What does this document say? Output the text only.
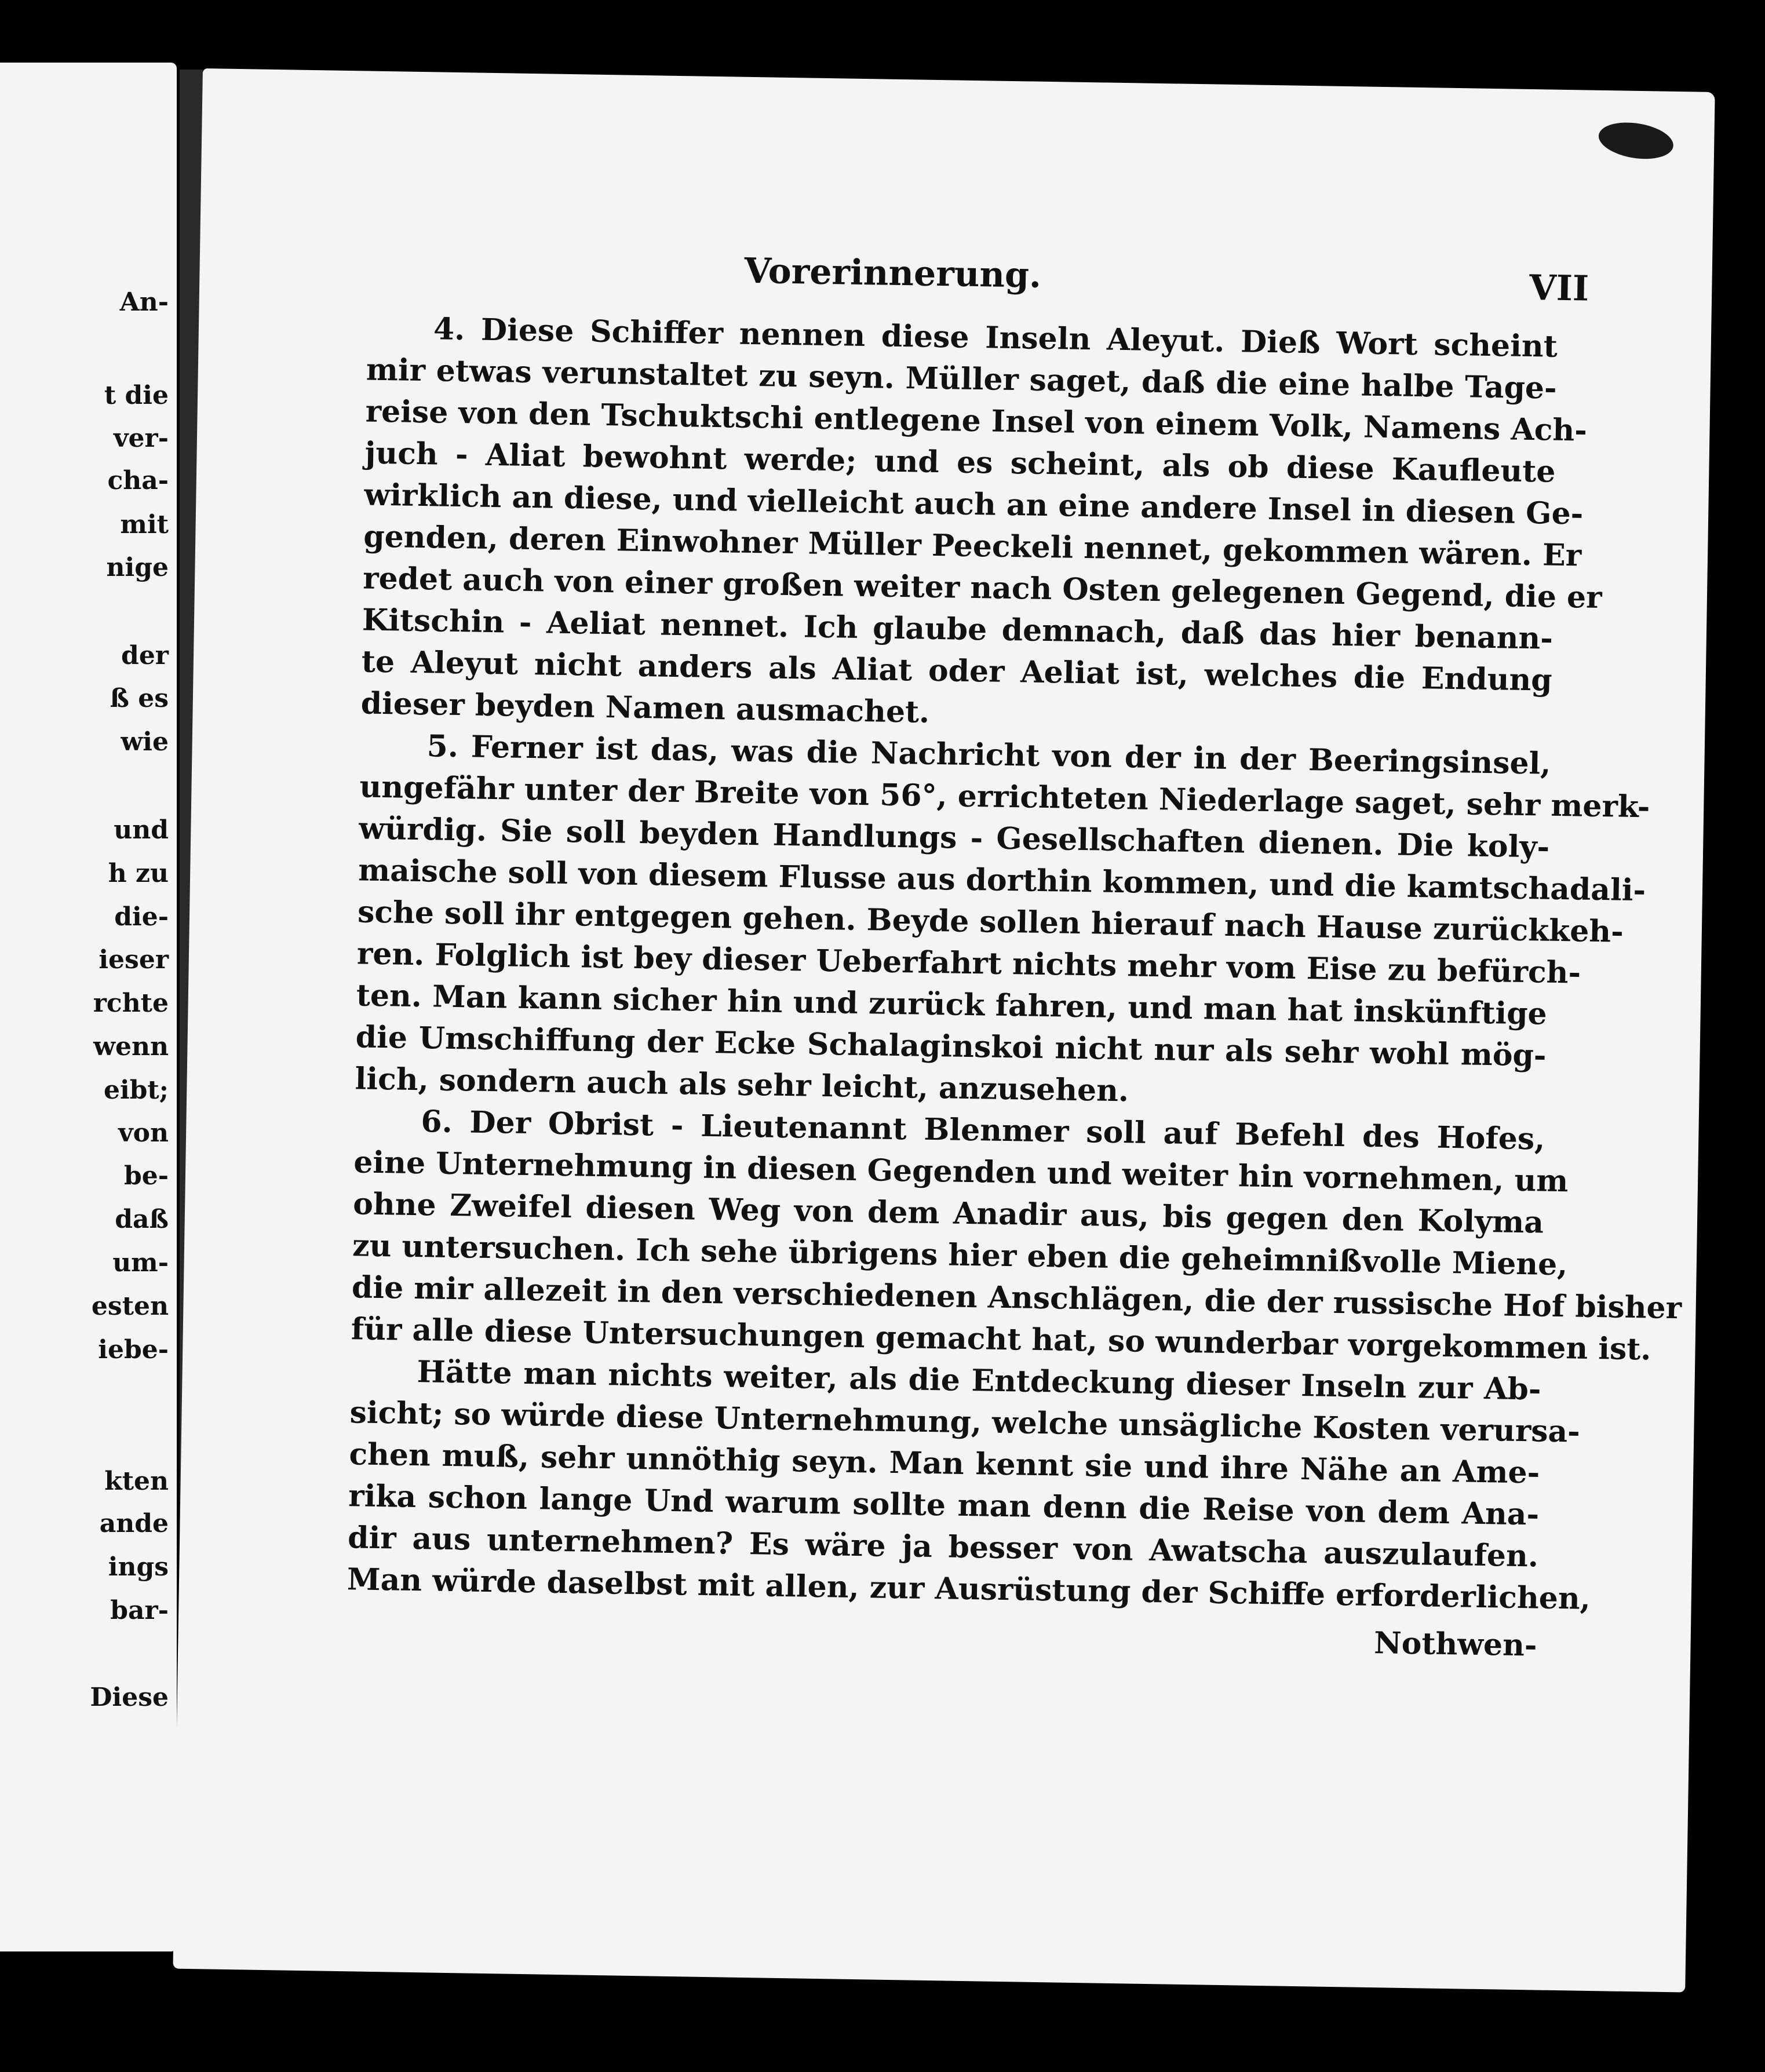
An-
t die
ver-
cha-
mit
nige
der
ß es
wie
und
h zu
die-
ieser
rchte
wenn
eibt;
von
be-
daß
um-
esten
iebe-
kten
ande
ings
bar-
Diese
Vorerinnerung.	VII
4. Diese Schiffer nennen diese Inseln Aleyut. Dieß Wort scheint
mir etwas verunstaltet zu seyn. Müller saget, daß die eine halbe Tage-
reise von den Tschuktschi entlegene Insel von einem Volk, Namens Ach-
juch - Aliat bewohnt werde; und es scheint, als ob diese Kaufleute
wirklich an diese, und vielleicht auch an eine andere Insel in diesen Ge-
genden, deren Einwohner Müller Peeckeli nennet, gekommen wären. Er
redet auch von einer großen weiter nach Osten gelegenen Gegend, die er
Kitschin - Aeliat nennet. Ich glaube demnach, daß das hier benann-
te Aleyut nicht anders als Aliat oder Aeliat ist, welches die Endung
dieser beyden Namen ausmachet.
5. Ferner ist das, was die Nachricht von der in der Beeringsinsel,
ungefähr unter der Breite von 56°, errichteten Niederlage saget, sehr merk-
würdig. Sie soll beyden Handlungs - Gesellschaften dienen. Die koly-
maische soll von diesem Flusse aus dorthin kommen, und die kamtschadali-
sche soll ihr entgegen gehen. Beyde sollen hierauf nach Hause zurückkeh-
ren. Folglich ist bey dieser Ueberfahrt nichts mehr vom Eise zu befürch-
ten. Man kann sicher hin und zurück fahren, und man hat inskünftige
die Umschiffung der Ecke Schalaginskoi nicht nur als sehr wohl mög-
lich, sondern auch als sehr leicht, anzusehen.
6. Der Obrist - Lieutenannt Blenmer soll auf Befehl des Hofes,
eine Unternehmung in diesen Gegenden und weiter hin vornehmen, um
ohne Zweifel diesen Weg von dem Anadir aus, bis gegen den Kolyma
zu untersuchen. Ich sehe übrigens hier eben die geheimnißvolle Miene,
die mir allezeit in den verschiedenen Anschlägen, die der russische Hof bisher
für alle diese Untersuchungen gemacht hat, so wunderbar vorgekommen ist.
Hätte man nichts weiter, als die Entdeckung dieser Inseln zur Ab-
sicht; so würde diese Unternehmung, welche unsägliche Kosten verursa-
chen muß, sehr unnöthig seyn. Man kennt sie und ihre Nähe an Ame-
rika schon lange Und warum sollte man denn die Reise von dem Ana-
dir aus unternehmen? Es wäre ja besser von Awatscha auszulaufen.
Man würde daselbst mit allen, zur Ausrüstung der Schiffe erforderlichen,
Nothwen-
